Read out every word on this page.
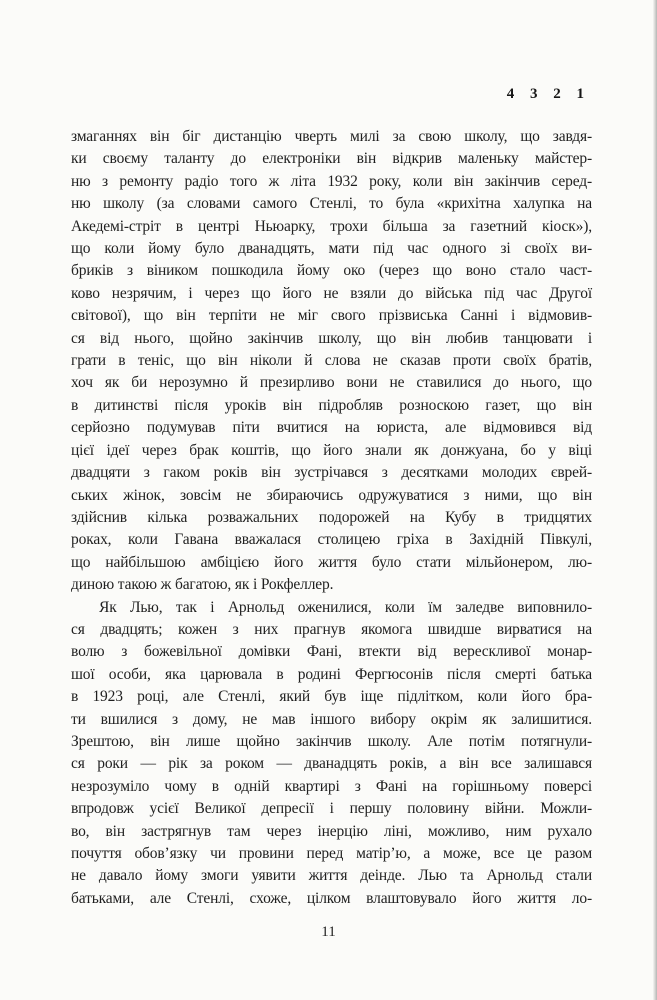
4 3 2 1
змаганнях він біг дистанцію чверть милі за свою школу, що завдя-
ки своєму таланту до електроніки він відкрив маленьку майстер-
ню з ремонту радіо того ж літа 1932 року, коли він закінчив серед-
ню школу (за словами самого Стенлі, то була «крихітна халупка на
Акедемі-стріт в центрі Ньюарку, трохи більша за газетний кіоск»),
що коли йому було дванадцять, мати під час одного зі своїх ви-
бриків з віником пошкодила йому око (через що воно стало част-
ково незрячим, і через що його не взяли до війська під час Другої
світової), що він терпіти не міг свого прізвиська Санні і відмовив-
ся від нього, щойно закінчив школу, що він любив танцювати і
грати в теніс, що він ніколи й слова не сказав проти своїх братів,
хоч як би нерозумно й презирливо вони не ставилися до нього, що
в дитинстві після уроків він підробляв розноскою газет, що він
серйозно подумував піти вчитися на юриста, але відмовився від
цієї ідеї через брак коштів, що його знали як донжуана, бо у віці
двадцяти з гаком років він зустрічався з десятками молодих єврей-
ських жінок, зовсім не збираючись одружуватися з ними, що він
здійснив кілька розважальних подорожей на Кубу в тридцятих
роках, коли Гавана вважалася столицею гріха в Західній Півкулі,
що найбільшою амбіцією його життя було стати мільйонером, лю-
диною такою ж багатою, як і Рокфеллер.
Як Лью, так і Арнольд оженилися, коли їм заледве виповнило-
ся двадцять; кожен з них прагнув якомога швидше вирватися на
волю з божевільної домівки Фані, втекти від верескливої монар-
шої особи, яка царювала в родині Фергюсонів після смерті батька
в 1923 році, але Стенлі, який був іще підлітком, коли його бра-
ти вшилися з дому, не мав іншого вибору окрім як залишитися.
Зрештою, він лише щойно закінчив школу. Але потім потягнули-
ся роки — рік за роком — дванадцять років, а він все залишався
незрозуміло чому в одній квартирі з Фані на горішньому поверсі
впродовж усієї Великої депресії і першу половину війни. Можли-
во, він застрягнув там через інерцію ліні, можливо, ним рухало
почуття обов’язку чи провини перед матір’ю, а може, все це разом
не давало йому змоги уявити життя деінде. Лью та Арнольд стали
батьками, але Стенлі, схоже, цілком влаштовувало його життя ло-
11
